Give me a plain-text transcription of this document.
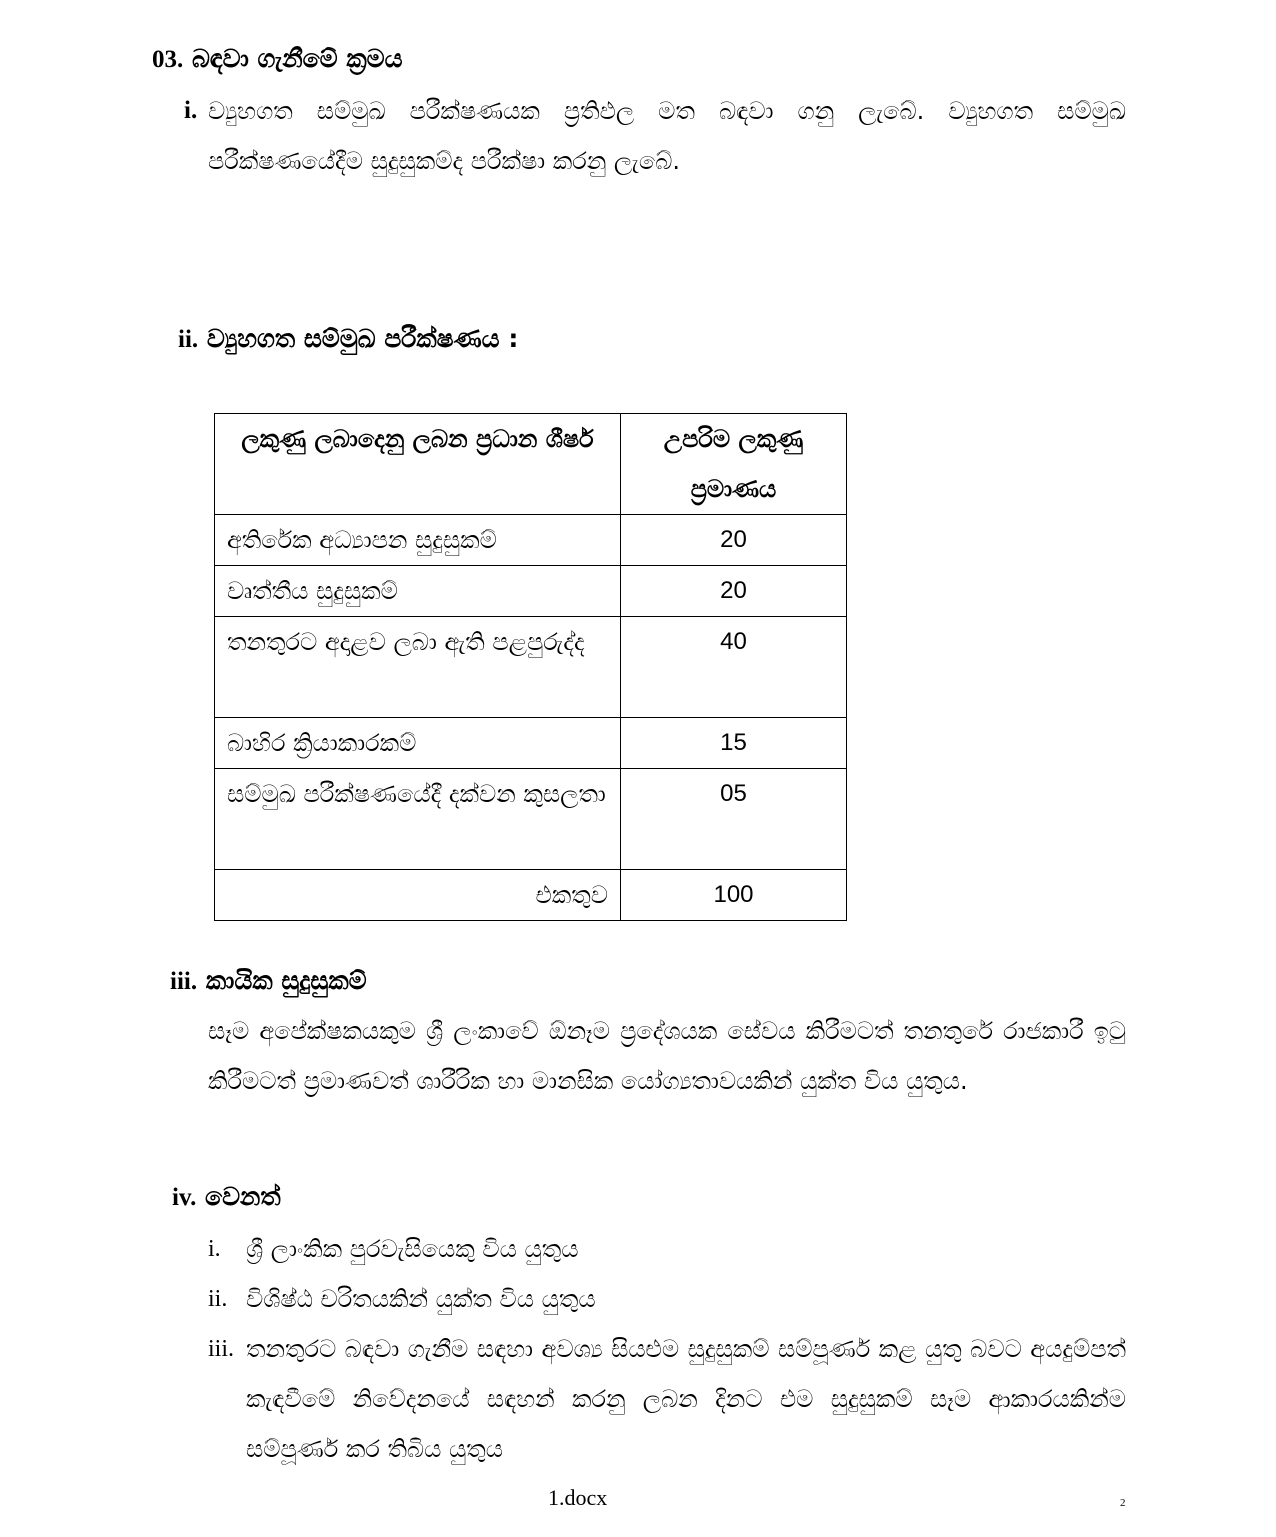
03. බඳවා ගැනීමේ ක්‍රමය
i. ව්‍යුහගත සම්මුඛ පරීක්ෂණයක ප්‍රතිඵල මත බඳවා ගනු ලැබේ. ව්‍යුහගත සම්මුඛ පරීක්ෂණයේදීම සුදුසුකම්ද පරීක්ෂා කරනු ලැබේ.
ii. ව්‍යුහගත සම්මුඛ පරීක්ෂණය :
ලකුණු ලබාදෙනු ලබන ප්‍රධාන ශීර්ෂ	උපරිම ලකුණු ප්‍රමාණය
අතිරේක අධ්‍යාපන සුදුසුකම්	20
වෘත්තීය සුදුසුකම්	20
තනතුරට අදාළව ලබා ඇති පළපුරුද්ද	40
බාහිර ක්‍රියාකාරකම්	15
සම්මුඛ පරීක්ෂණයේදී දක්වන කුසලතා	05
එකතුව	100
iii. කායික සුදුසුකම්
සෑම අපේක්ෂකයකුම ශ්‍රී ලංකාවේ ඕනෑම ප්‍රදේශයක සේවය කිරීමටත් තනතුරේ රාජකාරී ඉටු කිරීමටත් ප්‍රමාණවත් ශාරීරික හා මානසික යෝග්‍යතාවයකින් යුක්ත විය යුතුය.
iv. වෙනත්
i. ශ්‍රී ලාංකික පුරවැසියෙකු විය යුතුය
ii. විශිෂ්ඨ චරිතයකින් යුක්ත විය යුතුය
iii. තනතුරට බඳවා ගැනීම සඳහා අවශ්‍ය සියළුම සුදුසුකම් සම්පූර්ණ කළ යුතු බවට අයදුම්පත් කැඳවීමේ නිවේදනයේ සඳහන් කරනු ලබන දිනට එම සුදුසුකම් සෑම ආකාරයකින්ම සම්පූර්ණ කර තිබිය යුතුය
1.docx	2
